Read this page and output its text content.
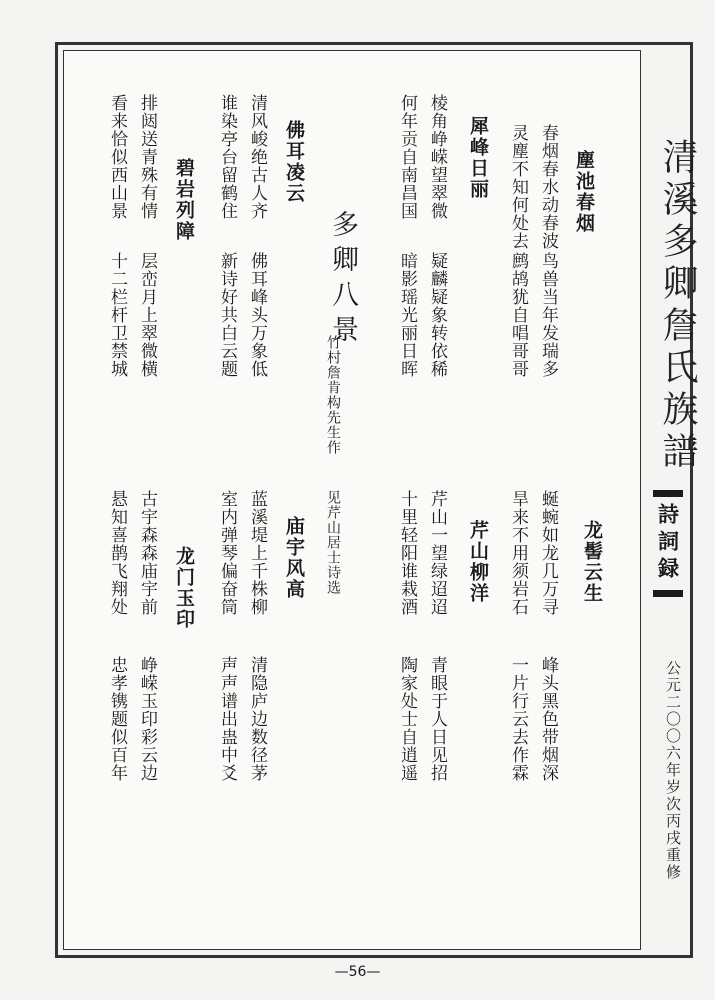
清溪多卿詹氏族譜
詩詞録
公元二〇〇六年岁次丙戌重修
塵池春烟
春烟春水动春波
鸟兽当年发瑞多
灵塵不知何处去
鹧鸪犹自唱哥哥
犀峰日丽
棱角峥嵘望翠微
疑麟疑象转依稀
何年贡自南昌国
暗影瑶光丽日晖
多卿八景
竹村詹肯构先生作
见芹山居士诗选
佛耳凌云
清风峻绝古人齐
佛耳峰头万象低
谁染亭台留鹤住
新诗好共白云题
碧岩列障
排闼送青殊有情
层峦月上翠微横
看来恰似西山景
十二栏杆卫禁城
龙髻云生
蜒蜿如龙几万寻
峰头黑色带烟深
旱来不用须岩石
一片行云去作霖
芹山柳洋
芹山一望绿迢迢
青眼于人日见招
十里轻阳谁栽酒
陶家处士自逍遥
庙宇风高
蓝溪堤上千株柳
清隐庐边数径茅
室内弹琴偏奋筒
声声谱出蛊中爻
龙门玉印
古宇森森庙宇前
峥嵘玉印彩云边
悬知喜鹊飞翔处
忠孝镌题似百年
—56—
